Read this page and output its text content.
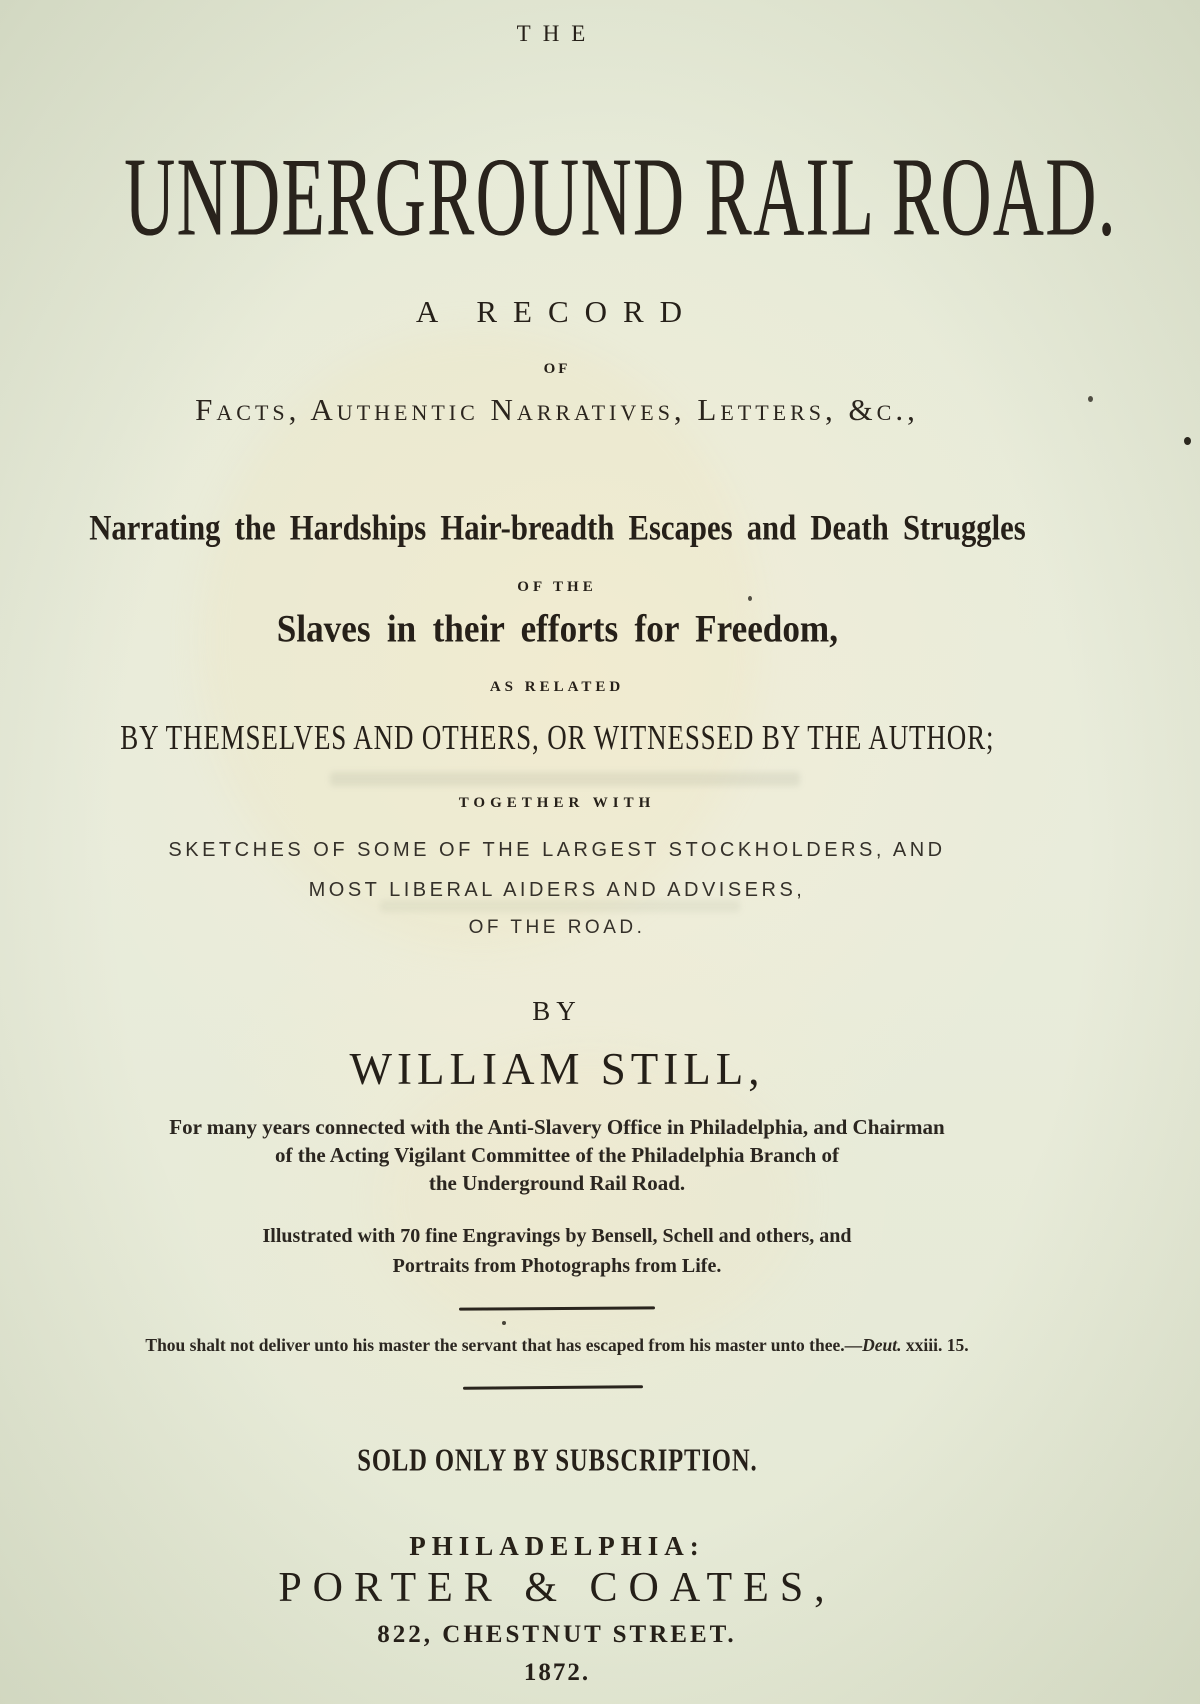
THE
UNDERGROUND RAIL ROAD.
A RECORD
OF
Facts, Authentic Narratives, Letters, &c.,
Narrating the Hardships Hair-breadth Escapes and Death Struggles
OF THE
Slaves in their efforts for Freedom,
AS RELATED
BY THEMSELVES AND OTHERS, OR WITNESSED BY THE AUTHOR;
TOGETHER WITH
SKETCHES OF SOME OF THE LARGEST STOCKHOLDERS, AND
MOST LIBERAL AIDERS AND ADVISERS,
OF THE ROAD.
BY
WILLIAM STILL,
For many years connected with the Anti-Slavery Office in Philadelphia, and Chairman
of the Acting Vigilant Committee of the Philadelphia Branch of
the Underground Rail Road.
Illustrated with 70 fine Engravings by Bensell, Schell and others, and
Portraits from Photographs from Life.
Thou shalt not deliver unto his master the servant that has escaped from his master unto thee.—Deut. xxiii. 15.
SOLD ONLY BY SUBSCRIPTION.
PHILADELPHIA:
PORTER & COATES,
822, CHESTNUT STREET.
1872.
